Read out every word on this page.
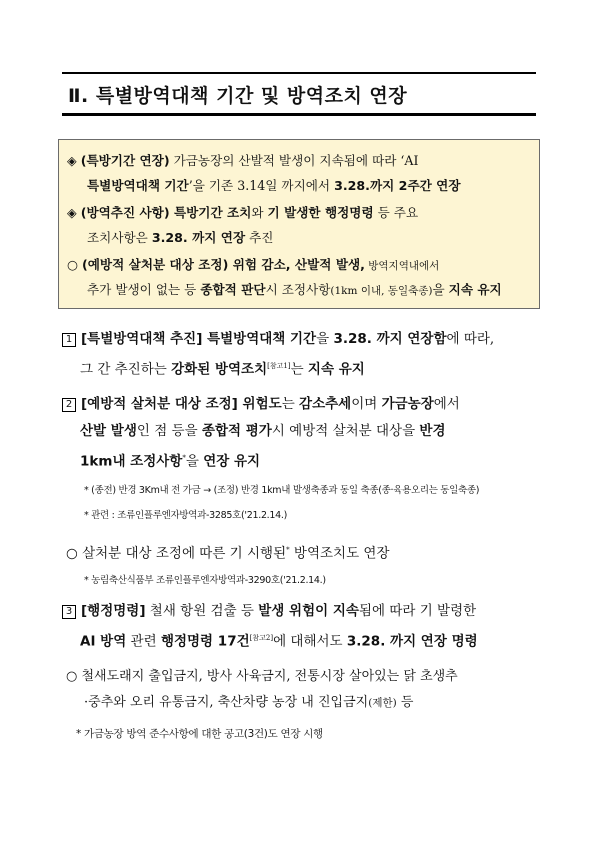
Ⅱ. 특별방역대책 기간 및 방역조치 연장
◈ (특방기간 연장) 가금농장의 산발적 발생이 지속됨에 따라 ‘AI
특별방역대책 기간’을 기존 3.14일 까지에서 3.28.까지 2주간 연장
◈ (방역추진 사항) 특방기간 조치와 기 발생한 행정명령 등 주요
조치사항은 3.28. 까지 연장 추진
○ (예방적 살처분 대상 조정) 위험 감소, 산발적 발생, 방역지역내에서
추가 발생이 없는 등 종합적 판단시 조정사항(1km 이내, 동일축종)을 지속 유지
1 [특별방역대책 추진] 특별방역대책 기간을 3.28. 까지 연장함에 따라,
그 간 추진하는 강화된 방역조치[참고1]는 지속 유지
2 [예방적 살처분 대상 조정] 위험도는 감소추세이며 가금농장에서
산발 발생인 점 등을 종합적 평가시 예방적 살처분 대상을 반경
1km내 조정사항*을 연장 유지
* (종전) 반경 3Km내 전 가금 → (조정) 반경 1km내 발생축종과 동일 축종(종·육용오리는 동일축종)
* 관련 : 조류인플루엔자방역과-3285호('21.2.14.)
○ 살처분 대상 조정에 따른 기 시행된* 방역조치도 연장
* 농림축산식품부 조류인플루엔자방역과-3290호('21.2.14.)
3 [행정명령] 철새 항원 검출 등 발생 위험이 지속됨에 따라 기 발령한
AI 방역 관련 행정명령 17건[참고2]에 대해서도 3.28. 까지 연장 명령
○ 철새도래지 출입금지, 방사 사육금지, 전통시장 살아있는 닭 초생추
·중추와 오리 유통금지, 축산차량 농장 내 진입금지(제한) 등
* 가금농장 방역 준수사항에 대한 공고(3건)도 연장 시행
